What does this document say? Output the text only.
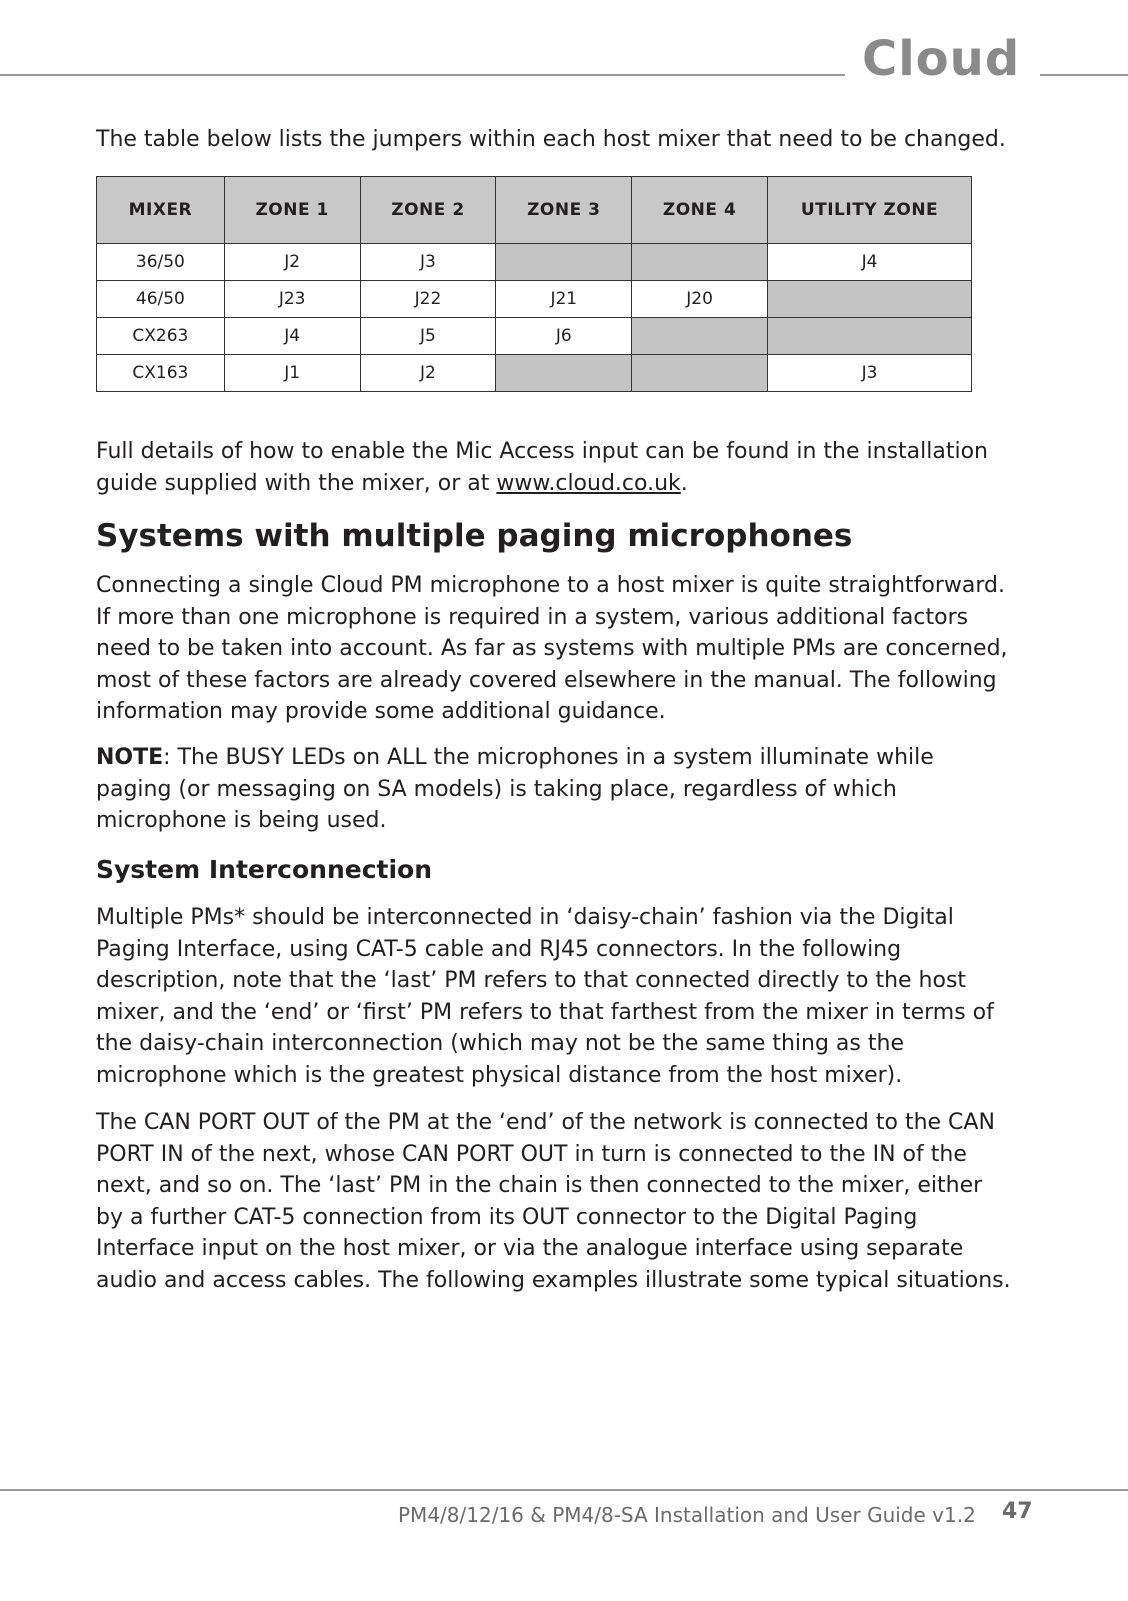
Cloud

The table below lists the jumpers within each host mixer that need to be changed.

MIXER	ZONE 1	ZONE 2	ZONE 3	ZONE 4	UTILITY ZONE
36/50	J2	J3			J4
46/50	J23	J22	J21	J20	
CX263	J4	J5	J6		
CX163	J1	J2			J3

Full details of how to enable the Mic Access input can be found in the installation guide supplied with the mixer, or at www.cloud.co.uk.

Systems with multiple paging microphones

Connecting a single Cloud PM microphone to a host mixer is quite straightforward. If more than one microphone is required in a system, various additional factors need to be taken into account. As far as systems with multiple PMs are concerned, most of these factors are already covered elsewhere in the manual. The following information may provide some additional guidance.

NOTE: The BUSY LEDs on ALL the microphones in a system illuminate while paging (or messaging on SA models) is taking place, regardless of which microphone is being used.

System Interconnection

Multiple PMs* should be interconnected in ‘daisy-chain’ fashion via the Digital Paging Interface, using CAT-5 cable and RJ45 connectors. In the following description, note that the ‘last’ PM refers to that connected directly to the host mixer, and the ‘end’ or ‘first’ PM refers to that farthest from the mixer in terms of the daisy-chain interconnection (which may not be the same thing as the microphone which is the greatest physical distance from the host mixer).

The CAN PORT OUT of the PM at the ‘end’ of the network is connected to the CAN PORT IN of the next, whose CAN PORT OUT in turn is connected to the IN of the next, and so on. The ‘last’ PM in the chain is then connected to the mixer, either by a further CAT-5 connection from its OUT connector to the Digital Paging Interface input on the host mixer, or via the analogue interface using separate audio and access cables. The following examples illustrate some typical situations.

PM4/8/12/16 & PM4/8-SA Installation and User Guide v1.2 47
